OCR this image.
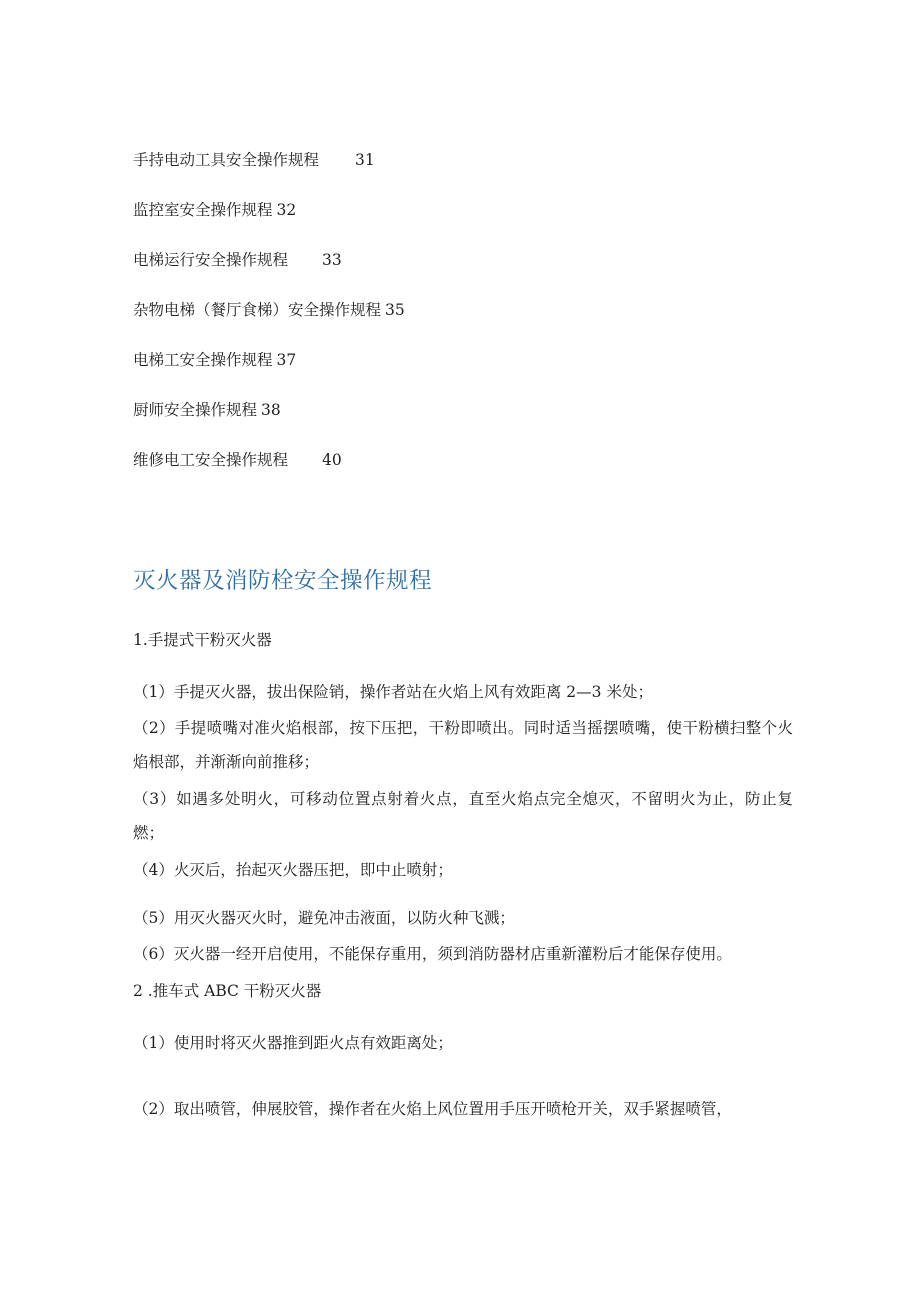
手持电动工具安全操作规程 31
监控室安全操作规程 32
电梯运行安全操作规程 33
杂物电梯（餐厅食梯）安全操作规程 35
电梯工安全操作规程 37
厨师安全操作规程 38
维修电工安全操作规程 40
灭火器及消防栓安全操作规程
1.手提式干粉灭火器
（1）手提灭火器，拔出保险销，操作者站在火焰上风有效距离 2—3 米处；
（2）手提喷嘴对准火焰根部，按下压把，干粉即喷出。同时适当摇摆喷嘴，使干粉横扫整个火焰根部，并渐渐向前推移；
（3）如遇多处明火，可移动位置点射着火点，直至火焰点完全熄灭，不留明火为止，防止复燃；
（4）火灭后，抬起灭火器压把，即中止喷射；
（5）用灭火器灭火时，避免冲击液面，以防火种飞溅；
（6）灭火器一经开启使用，不能保存重用，须到消防器材店重新灌粉后才能保存使用。
2 .推车式 ABC 干粉灭火器
（1）使用时将灭火器推到距火点有效距离处；
（2）取出喷管，伸展胶管，操作者在火焰上风位置用手压开喷枪开关，双手紧握喷管，
